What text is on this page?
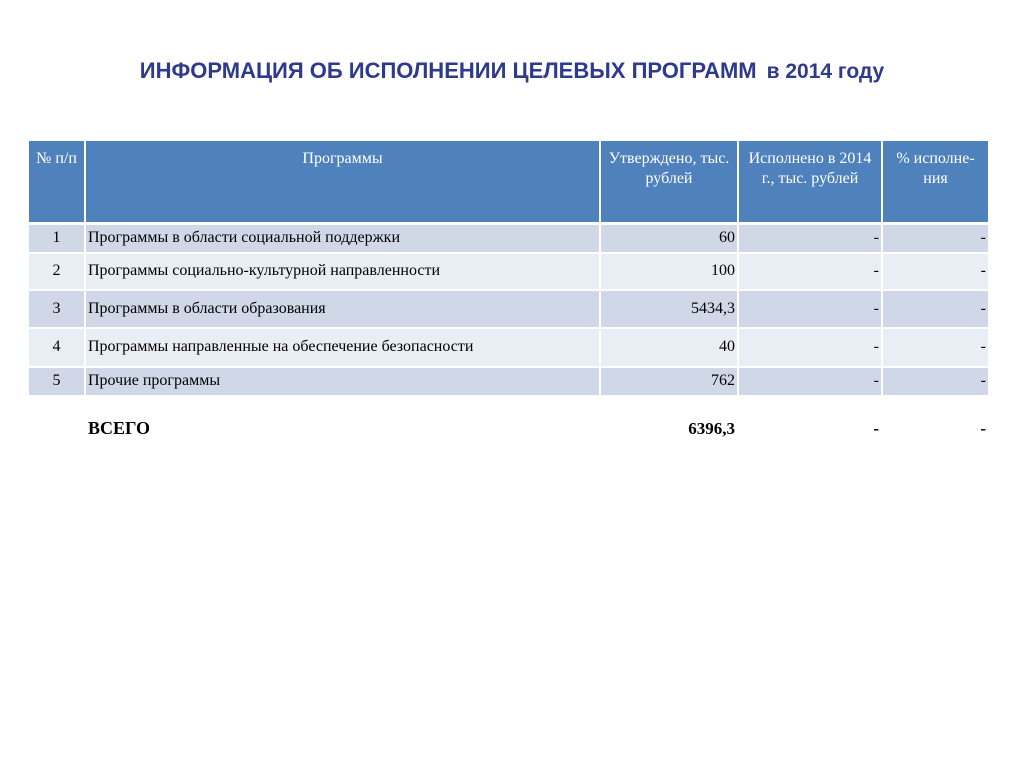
ИНФОРМАЦИЯ ОБ ИСПОЛНЕНИИ ЦЕЛЕВЫХ ПРОГРАММ в 2014 году
№ п/п	Программы	Утверждено, тыс. рублей	Исполнено в 2014 г., тыс. рублей	% исполне-ния
1	Программы в области социальной поддержки	60	-	-
2	Программы социально-культурной направленности	100	-	-
3	Программы в области образования	5434,3	-	-
4	Программы направленные на обеспечение безопасности	40	-	-
5	Прочие программы	762	-	-
	ВСЕГО	6396,3	-	-
